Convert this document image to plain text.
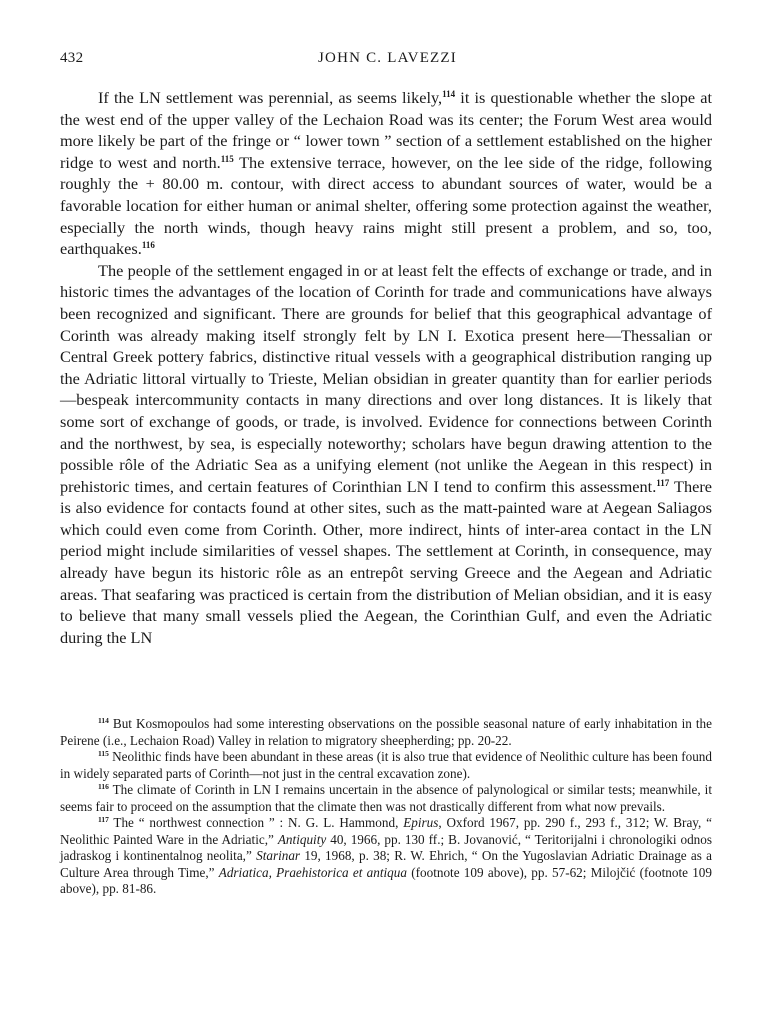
432	JOHN C. LAVEZZI

If the LN settlement was perennial, as seems likely,$^{114}$ it is questionable whether the slope at the west end of the upper valley of the Lechaion Road was its center; the Forum West area would more likely be part of the fringe or “ lower town ” section of a settlement established on the higher ridge to west and north.$^{115}$ The extensive terrace, however, on the lee side of the ridge, following roughly the + 80.00 m. contour, with direct access to abundant sources of water, would be a favorable location for either human or animal shelter, offering some protection against the weather, especially the north winds, though heavy rains might still present a problem, and so, too, earthquakes.$^{116}$

The people of the settlement engaged in or at least felt the effects of exchange or trade, and in historic times the advantages of the location of Corinth for trade and communications have always been recognized and significant. There are grounds for belief that this geographical advantage of Corinth was already making itself strongly felt by LN I. Exotica present here—Thessalian or Central Greek pottery fabrics, distinctive ritual vessels with a geographical distribution ranging up the Adriatic littoral virtually to Trieste, Melian obsidian in greater quantity than for earlier periods—bespeak intercommunity contacts in many directions and over long distances. It is likely that some sort of exchange of goods, or trade, is involved. Evidence for connections between Corinth and the northwest, by sea, is especially noteworthy; scholars have begun drawing attention to the possible rôle of the Adriatic Sea as a unifying element (not unlike the Aegean in this respect) in prehistoric times, and certain features of Corinthian LN I tend to confirm this assessment.$^{117}$ There is also evidence for contacts found at other sites, such as the matt-painted ware at Aegean Saliagos which could even come from Corinth. Other, more indirect, hints of inter-area contact in the LN period might include similarities of vessel shapes. The settlement at Corinth, in consequence, may already have begun its historic rôle as an entrepôt serving Greece and the Aegean and Adriatic areas. That seafaring was practiced is certain from the distribution of Melian obsidian, and it is easy to believe that many small vessels plied the Aegean, the Corinthian Gulf, and even the Adriatic during the LN

$^{114}$ But Kosmopoulos had some interesting observations on the possible seasonal nature of early inhabitation in the Peirene (i.e., Lechaion Road) Valley in relation to migratory sheepherding; pp. 20-22.

$^{115}$ Neolithic finds have been abundant in these areas (it is also true that evidence of Neolithic culture has been found in widely separated parts of Corinth—not just in the central excavation zone).

$^{116}$ The climate of Corinth in LN I remains uncertain in the absence of palynological or similar tests; meanwhile, it seems fair to proceed on the assumption that the climate then was not drastically different from what now prevails.

$^{117}$ The “ northwest connection ” : N. G. L. Hammond, Epirus, Oxford 1967, pp. 290 f., 293 f., 312; W. Bray, “ Neolithic Painted Ware in the Adriatic,” Antiquity 40, 1966, pp. 130 ff.; B. Jovanović, “ Teritorijalni i chronologiki odnos jadraskog i kontinentalnog neolita,” Starinar 19, 1968, p. 38; R. W. Ehrich, “ On the Yugoslavian Adriatic Drainage as a Culture Area through Time,” Adriatica, Praehistorica et antiqua (footnote 109 above), pp. 57-62; Milojčić (footnote 109 above), pp. 81-86.
